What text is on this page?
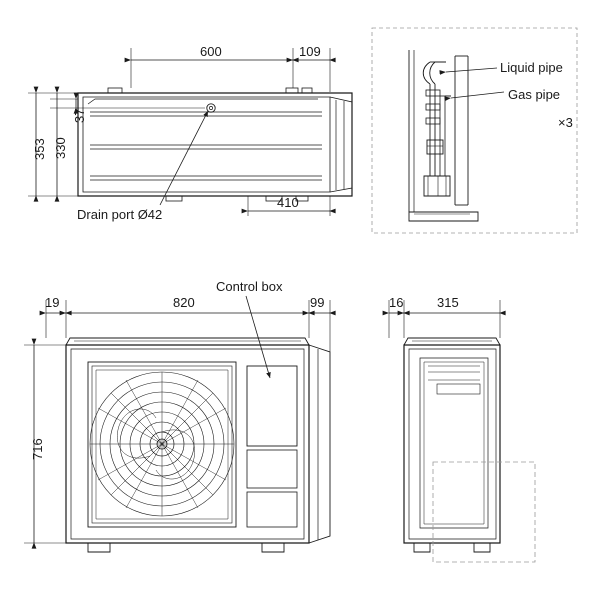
600	109
410
353 330
37
Drain port Ø42
Liquid pipe
Gas pipe
×3
19	820	99
716
Control box
16	315
